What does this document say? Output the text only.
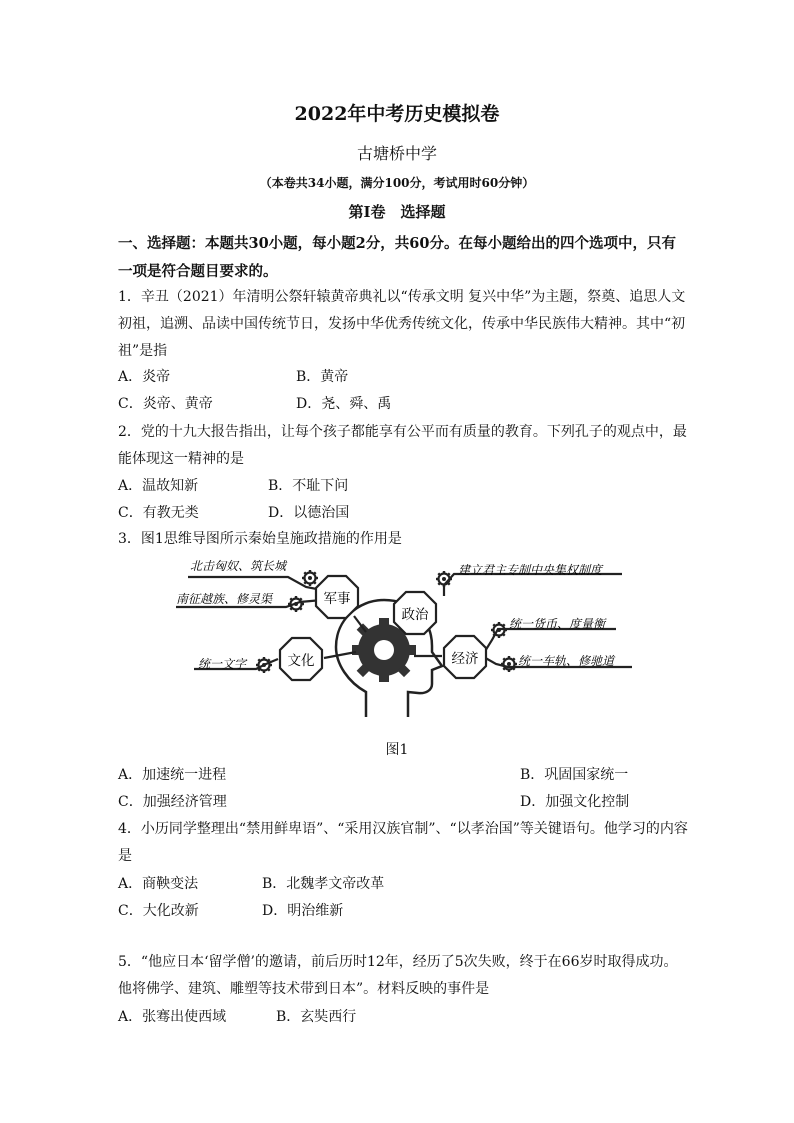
2022年中考历史模拟卷
古塘桥中学
（本卷共34小题，满分100分，考试用时60分钟）
第Ⅰ卷　选择题
一、选择题：本题共30小题，每小题2分，共60分。在每小题给出的四个选项中，只有一项是符合题目要求的。
1．辛丑（2021）年清明公祭轩辕黄帝典礼以“传承文明 复兴中华”为主题，祭奠、追思人文初祖，追溯、品读中国传统节日，发扬中华优秀传统文化，传承中华民族伟大精神。其中“初祖”是指
A．炎帝	B．黄帝
C．炎帝、黄帝	D．尧、舜、禹
2．党的十九大报告指出，让每个孩子都能享有公平而有质量的教育。下列孔子的观点中，最能体现这一精神的是
A．温故知新	B．不耻下问
C．有教无类	D．以德治国
3．图1思维导图所示秦始皇施政措施的作用是
军事
政治
文化	经济
北击匈奴、筑长城
南征越族、修灵渠
建立君主专制中央集权制度
统一货币、度量衡
统一车轨、修驰道
统一文字
图1
A．加速统一进程	B．巩固国家统一
C．加强经济管理	D．加强文化控制
4．小历同学整理出“禁用鲜卑语”、“采用汉族官制”、“以孝治国”等关键语句。他学习的内容是
A．商鞅变法	B．北魏孝文帝改革
C．大化改新	D．明治维新
5．“他应日本‘留学僧’的邀请，前后历时12年，经历了5次失败，终于在66岁时取得成功。他将佛学、建筑、雕塑等技术带到日本”。材料反映的事件是
A．张骞出使西域	B．玄奘西行
